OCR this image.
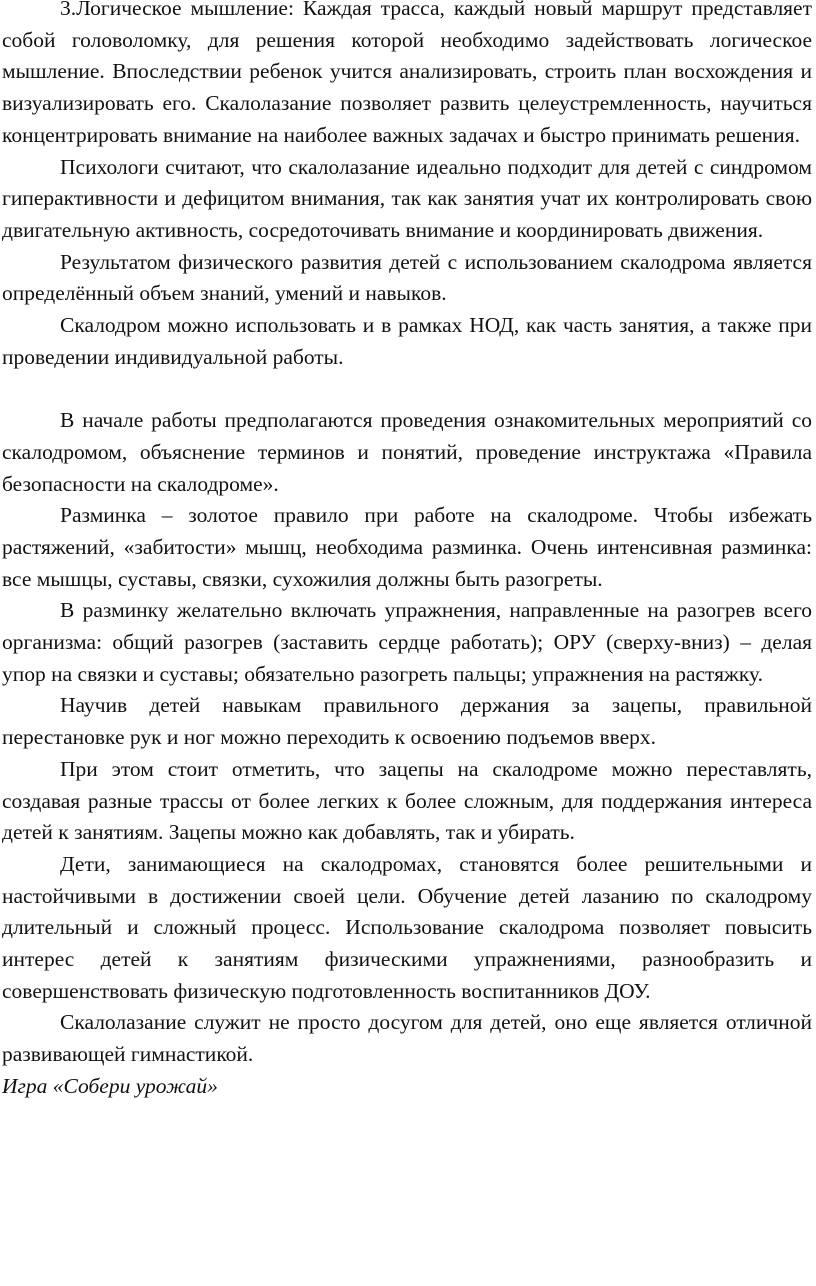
3.Логическое мышление: Каждая трасса, каждый новый маршрут представляет собой головоломку, для решения которой необходимо задействовать логическое мышление. Впоследствии ребенок учится анализировать, строить план восхождения и визуализировать его. Скалолазание позволяет развить целеустремленность, научиться концентрировать внимание на наиболее важных задачах и быстро принимать решения.

Психологи считают, что скалолазание идеально подходит для детей с синдромом гиперактивности и дефицитом внимания, так как занятия учат их контролировать свою двигательную активность, сосредоточивать внимание и координировать движения.

Результатом физического развития детей с использованием скалодрома является определённый объем знаний, умений и навыков.

Скалодром можно использовать и в рамках НОД, как часть занятия, а также при проведении индивидуальной работы.

В начале работы предполагаются проведения ознакомительных мероприятий со скалодромом, объяснение терминов и понятий, проведение инструктажа «Правила безопасности на скалодроме».

Разминка – золотое правило при работе на скалодроме. Чтобы избежать растяжений, «забитости» мышц, необходима разминка. Очень интенсивная разминка: все мышцы, суставы, связки, сухожилия должны быть разогреты.

В разминку желательно включать упражнения, направленные на разогрев всего организма: общий разогрев (заставить сердце работать); ОРУ (сверху-вниз) – делая упор на связки и суставы; обязательно разогреть пальцы; упражнения на растяжку.

Научив детей навыкам правильного держания за зацепы, правильной перестановке рук и ног можно переходить к освоению подъемов вверх.

При этом стоит отметить, что зацепы на скалодроме можно переставлять, создавая разные трассы от более легких к более сложным, для поддержания интереса детей к занятиям. Зацепы можно как добавлять, так и убирать.

Дети, занимающиеся на скалодромах, становятся более решительными и настойчивыми в достижении своей цели. Обучение детей лазанию по скалодрому длительный и сложный процесс. Использование скалодрома позволяет повысить интерес детей к занятиям физическими упражнениями, разнообразить и совершенствовать физическую подготовленность воспитанников ДОУ.

Скалолазание служит не просто досугом для детей, оно еще является отличной развивающей гимнастикой.

Игра «Собери урожай»
